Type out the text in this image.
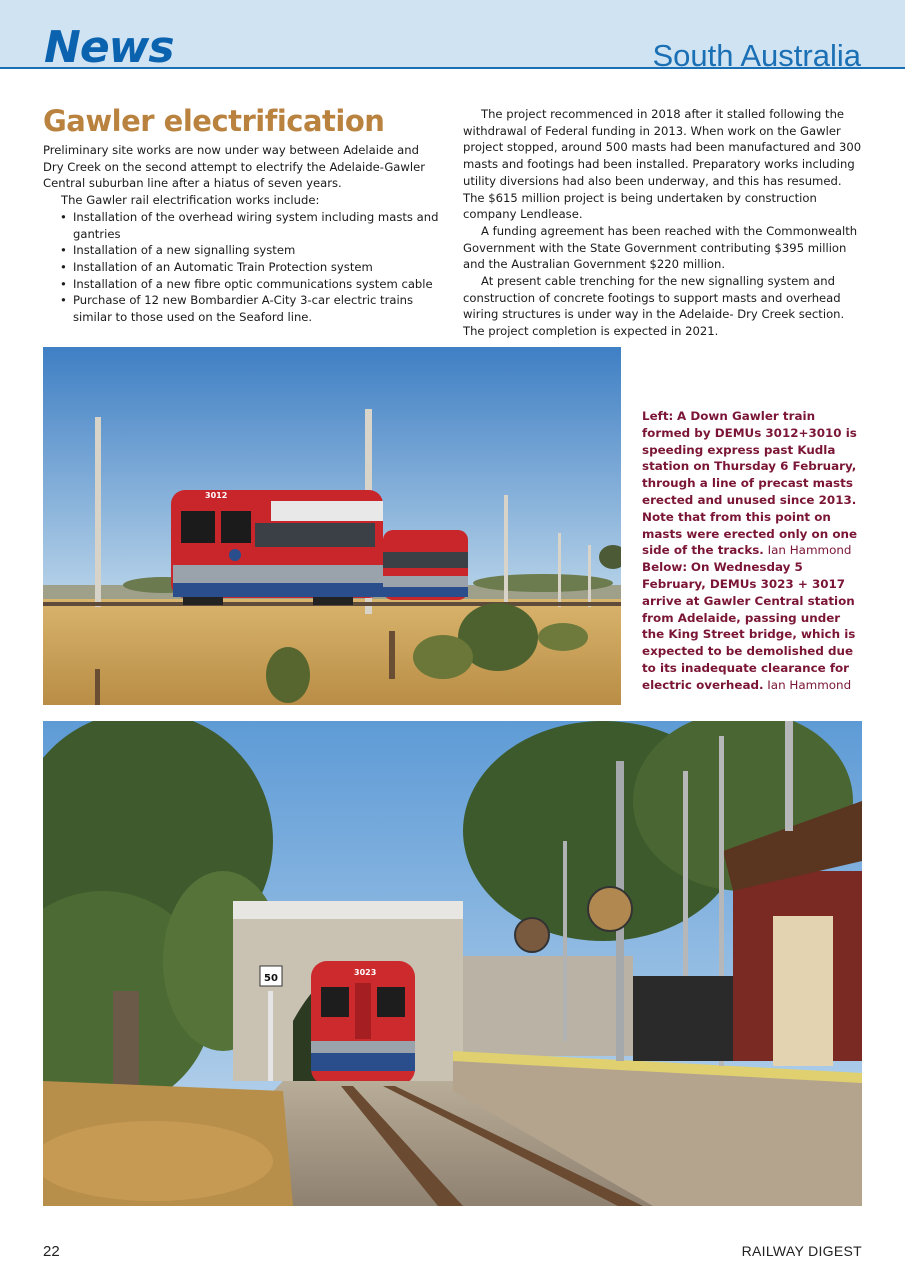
News	South Australia
Gawler electrification

Preliminary site works are now under way between Adelaide and Dry Creek on the second attempt to electrify the Adelaide-Gawler Central suburban line after a hiatus of seven years.

The Gawler rail electrification works include:

• Installation of the overhead wiring system including masts and gantries
• Installation of a new signalling system
• Installation of an Automatic Train Protection system
• Installation of a new fibre optic communications system cable
• Purchase of 12 new Bombardier A-City 3-car electric trains similar to those used on the Seaford line.

The project recommenced in 2018 after it stalled following the withdrawal of Federal funding in 2013. When work on the Gawler project stopped, around 500 masts had been manufactured and 300 masts and footings had been installed. Preparatory works including utility diversions had also been underway, and this has resumed. The $615 million project is being undertaken by construction company Lendlease.

A funding agreement has been reached with the Commonwealth Government with the State Government contributing $395 million and the Australian Government $220 million.

At present cable trenching for the new signalling system and construction of concrete footings to support masts and overhead wiring structures is under way in the Adelaide- Dry Creek section. The project completion is expected in 2021.

3012
Left: A Down Gawler train formed by DEMUs 3012+3010 is speeding express past Kudla station on Thursday 6 February, through a line of precast masts erected and unused since 2013. Note that from this point on masts were erected only on one side of the tracks. Ian Hammond Below: On Wednesday 5 February, DEMUs 3023 + 3017 arrive at Gawler Central station from Adelaide, passing under the King Street bridge, which is expected to be demolished due to its inadequate clearance for electric overhead. Ian Hammond
3023
50
22	RAILWAY DIGEST
